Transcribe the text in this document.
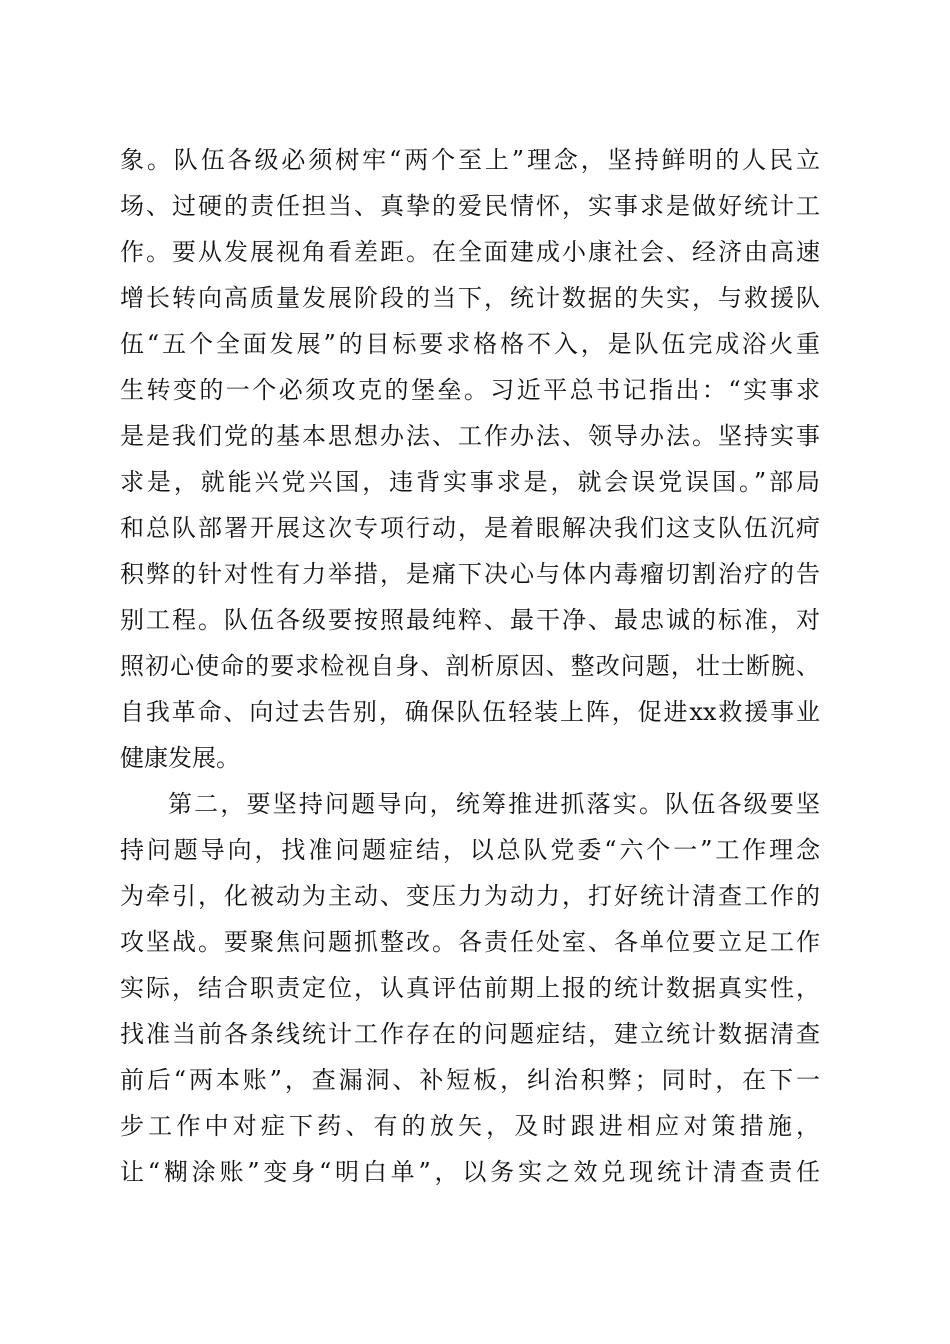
象。队伍各级必须树牢“两个至上”理念，坚持鲜明的人民立
场、过硬的责任担当、真挚的爱民情怀，实事求是做好统计工
作。要从发展视角看差距。在全面建成小康社会、经济由高速
增长转向高质量发展阶段的当下，统计数据的失实，与救援队
伍“五个全面发展”的目标要求格格不入，是队伍完成浴火重
生转变的一个必须攻克的堡垒。习近平总书记指出：“实事求
是是我们党的基本思想办法、工作办法、领导办法。坚持实事
求是，就能兴党兴国，违背实事求是，就会误党误国。”部局
和总队部署开展这次专项行动，是着眼解决我们这支队伍沉疴
积弊的针对性有力举措，是痛下决心与体内毒瘤切割治疗的告
别工程。队伍各级要按照最纯粹、最干净、最忠诚的标准，对
照初心使命的要求检视自身、剖析原因、整改问题，壮士断腕、
自我革命、向过去告别，确保队伍轻装上阵，促进xx救援事业
健康发展。
第二，要坚持问题导向，统筹推进抓落实。队伍各级要坚
持问题导向，找准问题症结，以总队党委“六个一”工作理念
为牵引，化被动为主动、变压力为动力，打好统计清查工作的
攻坚战。要聚焦问题抓整改。各责任处室、各单位要立足工作
实际，结合职责定位，认真评估前期上报的统计数据真实性，
找准当前各条线统计工作存在的问题症结，建立统计数据清查
前后“两本账”，查漏洞、补短板，纠治积弊；同时，在下一
步工作中对症下药、有的放矢，及时跟进相应对策措施，
让“糊涂账”变身“明白单”，以务实之效兑现统计清查责任
